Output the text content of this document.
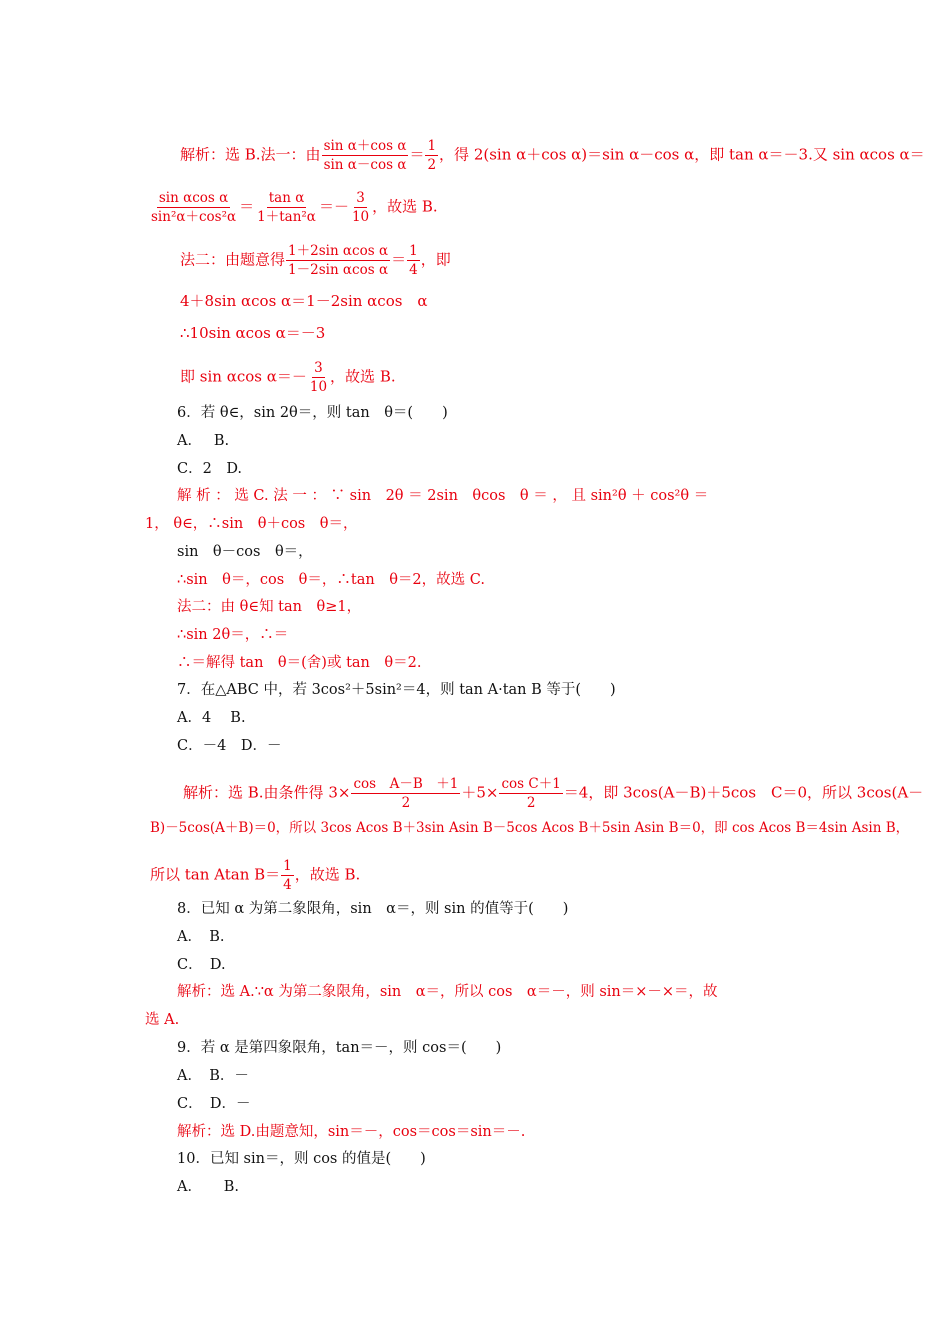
解析：选 B.法一：由 $\frac{\text{sin α＋cos α}}{\text{sin α－cos α}} = \frac{1}{2}$ ，得 2(sin α＋cos α)＝sin α－cos α，即 tan α＝－3.又 sin αcos α＝
$\frac{\text{sin αcos α}}{\text{sin²α＋cos²α}} = \frac{\text{tan α}}{\text{1＋tan²α}} =- \frac{3}{10}$ ，故选 B.
法二：由题意得 $\frac{\text{1＋2sin αcos α}}{\text{1－2sin αcos α}} = \frac{1}{4}$ ，即
4＋8sin αcos α＝1－2sin αcos　α
∴10sin αcos α＝－3
即 sin αcos $\alpha=- \frac{3}{10}$ ，故选 B.
6．若 θ∈，sin 2θ＝，则 tan　θ＝(　　)
A．　 B.
C．2　D.
解 析 ： 选 C. 法 一 ： ∵ sin　2θ ＝ 2sin　θcos　θ ＝ ， 且 sin²θ ＋ cos²θ ＝
1， θ∈，∴sin　θ＋cos　θ＝，
sin　θ－cos　θ＝，
∴sin　θ＝，cos　θ＝，∴tan　θ＝2，故选 C.
法二：由 θ∈知 tan　θ≥1，
∴sin 2θ＝，∴＝
∴＝解得 tan　θ＝(舍)或 tan　θ＝2.
7．在△ABC 中，若 3cos²＋5sin²＝4，则 tan A·tan B 等于(　　)
A．4　 B.
C．－4　D．－
解析：选 B.由条件得 $3\times \frac{\text{cos　A－B　＋1}}{2} +5\times \frac{\text{cos C＋1}}{2} =4$，即 3cos(A－B)＋5cos　C＝0，所以 3cos(A－
B)－5cos(A＋B)＝0，所以 3cos Acos B＋3sin Asin B－5cos Acos B＋5sin Asin B＝0，即 cos Acos B＝4sin Asin B，
所以 tan Atan $B= \frac{1}{4}$ ，故选 B.
8．已知 α 为第二象限角，sin　α＝，则 sin 的值等于(　　)
A．　B.
C．　D.
解析：选 A.∵α 为第二象限角，sin　α＝，所以 cos　α＝－，则 sin＝×－×＝，故
选 A.
9．若 α 是第四象限角，tan＝－，则 cos＝(　　)
A．　B．－
C．　D．－
解析：选 D.由题意知，sin＝－，cos＝cos＝sin＝－.
10．已知 sin＝，则 cos 的值是(　　)
A．　　B.
